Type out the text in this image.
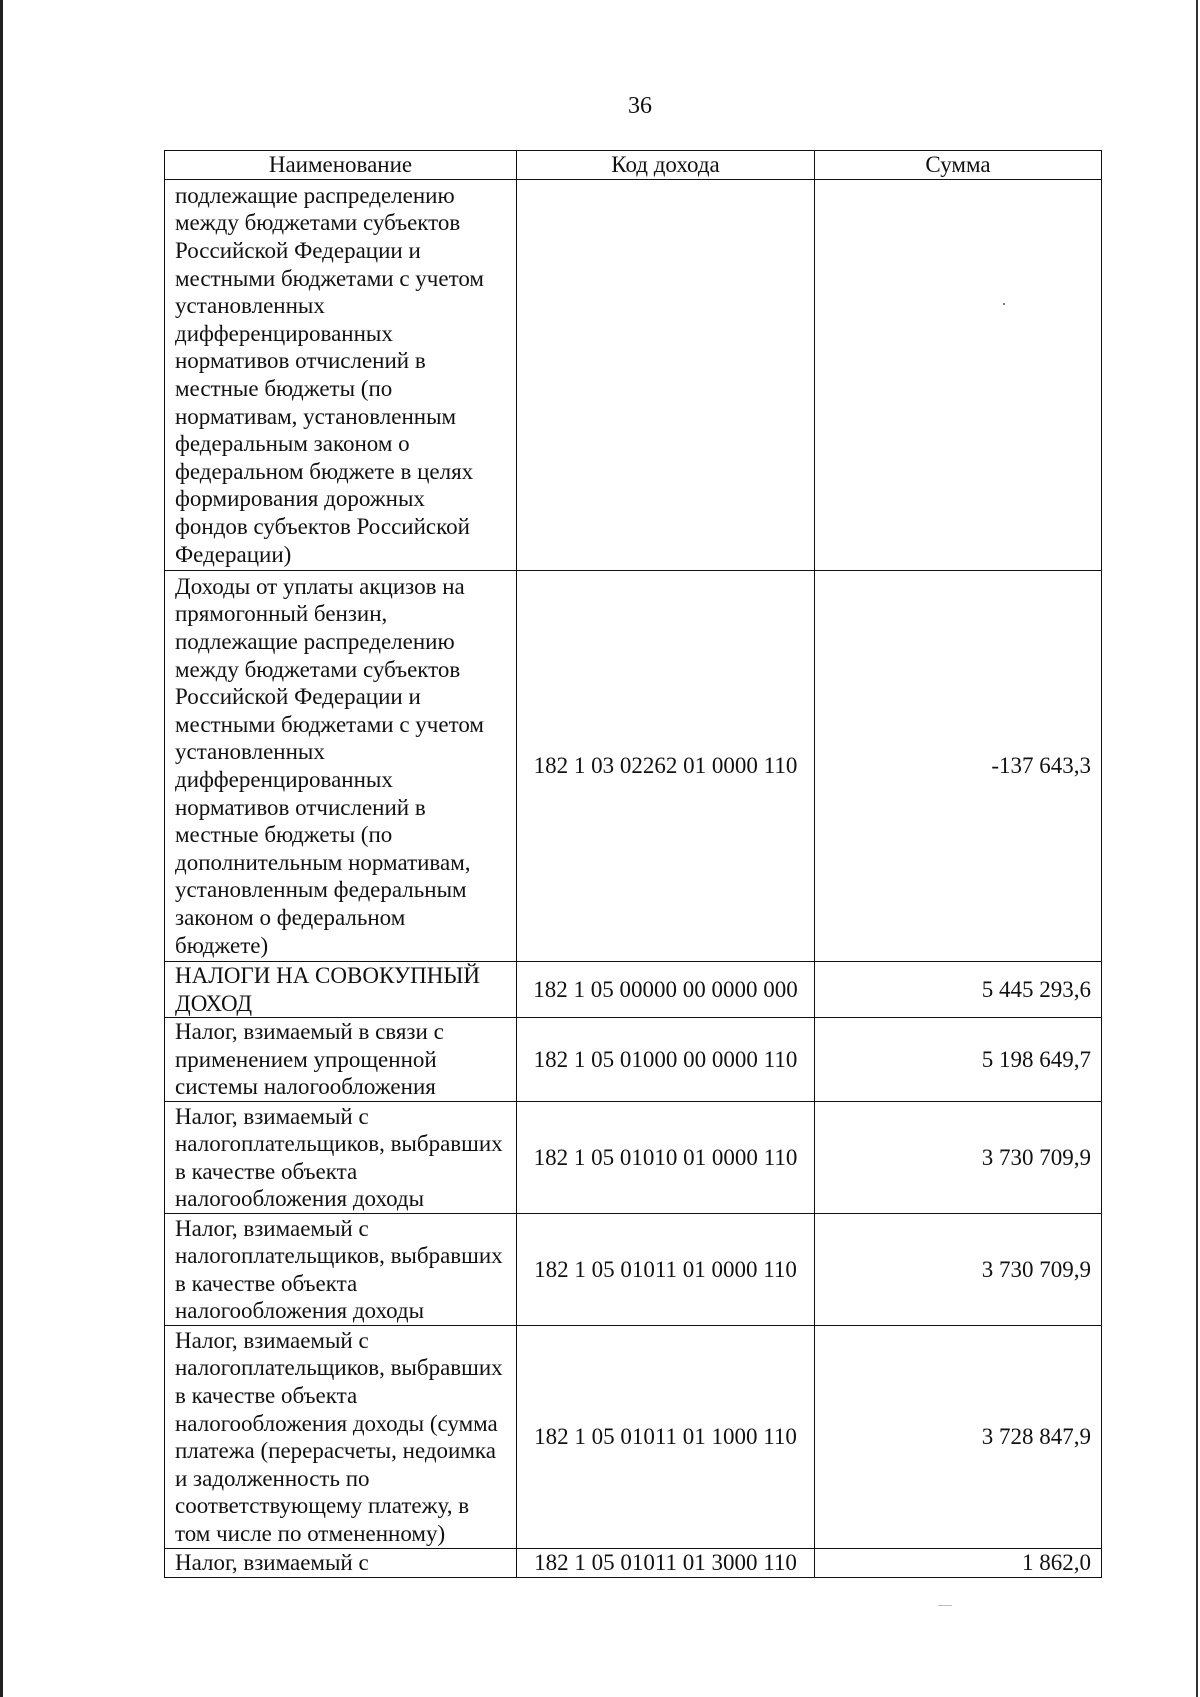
36
Наименование	Код дохода	Сумма
подлежащие распределению между бюджетами субъектов Российской Федерации и местными бюджетами с учетом установленных дифференцированных нормативов отчислений в местные бюджеты (по нормативам, установленным федеральным законом о федеральном бюджете в целях формирования дорожных фондов субъектов Российской Федерации)		
Доходы от уплаты акцизов на прямогонный бензин, подлежащие распределению между бюджетами субъектов Российской Федерации и местными бюджетами с учетом установленных дифференцированных нормативов отчислений в местные бюджеты (по дополнительным нормативам, установленным федеральным законом о федеральном бюджете)	182 1 03 02262 01 0000 110	-137 643,3
НАЛОГИ НА СОВОКУПНЫЙ ДОХОД	182 1 05 00000 00 0000 000	5 445 293,6
Налог, взимаемый в связи с применением упрощенной системы налогообложения	182 1 05 01000 00 0000 110	5 198 649,7
Налог, взимаемый с налогоплательщиков, выбравших в качестве объекта налогообложения доходы	182 1 05 01010 01 0000 110	3 730 709,9
Налог, взимаемый с налогоплательщиков, выбравших в качестве объекта налогообложения доходы	182 1 05 01011 01 0000 110	3 730 709,9
Налог, взимаемый с налогоплательщиков, выбравших в качестве объекта налогообложения доходы (сумма платежа (перерасчеты, недоимка и задолженность по соответствующему платежу, в том числе по отмененному)	182 1 05 01011 01 1000 110	3 728 847,9
Налог, взимаемый с	182 1 05 01011 01 3000 110	1 862,0
